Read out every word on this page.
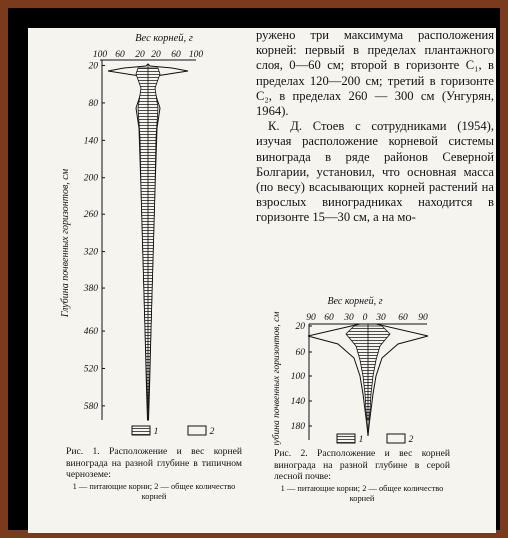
Вес корней, г
100 60 20 20 60 100
20
80
140
200
260
320
380
460
520
580
Глубина почвенных горизонтов, см
1	2
Рис. 1. Расположение и вес корней винограда на разной глубине в типичном черноземе:
1 — питающие корни; 2 — общее количество корней

ружено три максимума расположения корней: первый в пределах плантажного слоя, 0—60 см; второй в горизонте C₁, в пределах 120—200 см; третий в горизонте C₂, в пределах 260 — 300 см (Унгурян, 1964).

К. Д. Стоев с сотрудниками (1954), изучая расположение корневой системы винограда в ряде районов Северной Болгарии, установил, что основная масса (по весу) всасывающих корней растений на взрослых виноградниках находится в горизонте 15—30 см, а на мо-

Вес корней, г
90 60 30 0 30 60 90
20
60
100
140
180
Глубина почвенных горизонтов, см	1	2
Рис. 2. Расположение и вес корней винограда на разной глубине в серой лесной почве:
1 — питающие корни; 2 — общее количество корней
